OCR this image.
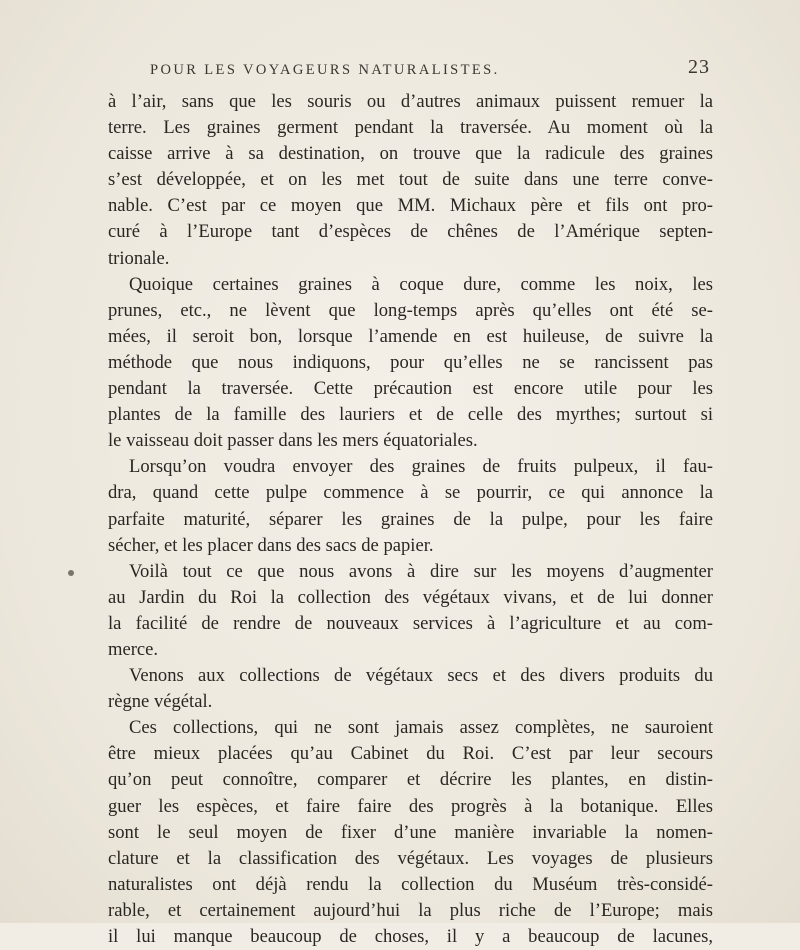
POUR LES VOYAGEURS NATURALISTES.	23
à l’air, sans que les souris ou d’autres animaux puissent remuer la
terre. Les graines germent pendant la traversée. Au moment où la
caisse arrive à sa destination, on trouve que la radicule des graines
s’est développée, et on les met tout de suite dans une terre conve-
nable. C’est par ce moyen que MM. Michaux père et fils ont pro-
curé à l’Europe tant d’espèces de chênes de l’Amérique septen-
trionale.
Quoique certaines graines à coque dure, comme les noix, les
prunes, etc., ne lèvent que long-temps après qu’elles ont été se-
mées, il seroit bon, lorsque l’amende en est huileuse, de suivre la
méthode que nous indiquons, pour qu’elles ne se rancissent pas
pendant la traversée. Cette précaution est encore utile pour les
plantes de la famille des lauriers et de celle des myrthes; surtout si
le vaisseau doit passer dans les mers équatoriales.
Lorsqu’on voudra envoyer des graines de fruits pulpeux, il fau-
dra, quand cette pulpe commence à se pourrir, ce qui annonce la
parfaite maturité, séparer les graines de la pulpe, pour les faire
sécher, et les placer dans des sacs de papier.
Voilà tout ce que nous avons à dire sur les moyens d’augmenter
au Jardin du Roi la collection des végétaux vivans, et de lui donner
la facilité de rendre de nouveaux services à l’agriculture et au com-
merce.
Venons aux collections de végétaux secs et des divers produits du
règne végétal.
Ces collections, qui ne sont jamais assez complètes, ne sauroient
être mieux placées qu’au Cabinet du Roi. C’est par leur secours
qu’on peut connoître, comparer et décrire les plantes, en distin-
guer les espèces, et faire faire des progrès à la botanique. Elles
sont le seul moyen de fixer d’une manière invariable la nomen-
clature et la classification des végétaux. Les voyages de plusieurs
naturalistes ont déjà rendu la collection du Muséum très-considé-
rable, et certainement aujourd’hui la plus riche de l’Europe; mais
il lui manque beaucoup de choses, il y a beaucoup de lacunes,
